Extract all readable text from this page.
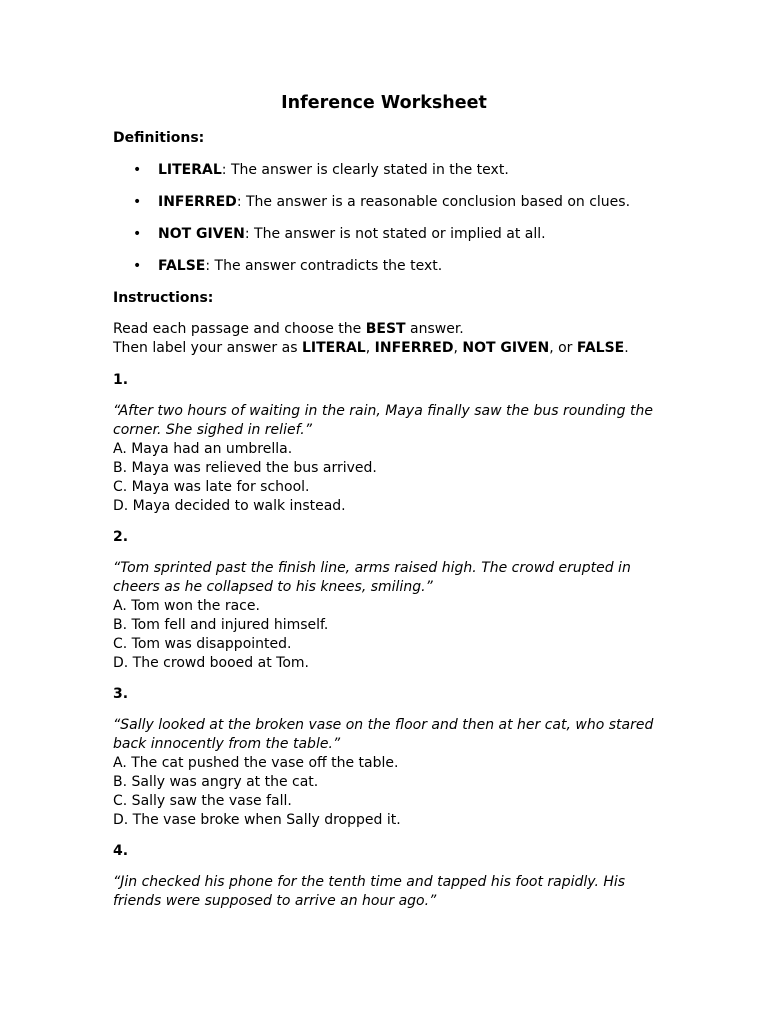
Inference Worksheet

Definitions:

• LITERAL: The answer is clearly stated in the text.
• INFERRED: The answer is a reasonable conclusion based on clues.
• NOT GIVEN: The answer is not stated or implied at all.
• FALSE: The answer contradicts the text.

Instructions:

Read each passage and choose the BEST answer.

Then label your answer as LITERAL, INFERRED, NOT GIVEN, or FALSE.

1.

“After two hours of waiting in the rain, Maya finally saw the bus rounding the corner. She sighed in relief.”

A. Maya had an umbrella.

B. Maya was relieved the bus arrived.

C. Maya was late for school.

D. Maya decided to walk instead.

2.

“Tom sprinted past the finish line, arms raised high. The crowd erupted in cheers as he collapsed to his knees, smiling.”

A. Tom won the race.

B. Tom fell and injured himself.

C. Tom was disappointed.

D. The crowd booed at Tom.

3.

“Sally looked at the broken vase on the floor and then at her cat, who stared back innocently from the table.”

A. The cat pushed the vase off the table.

B. Sally was angry at the cat.

C. Sally saw the vase fall.

D. The vase broke when Sally dropped it.

4.

“Jin checked his phone for the tenth time and tapped his foot rapidly. His friends were supposed to arrive an hour ago.”
